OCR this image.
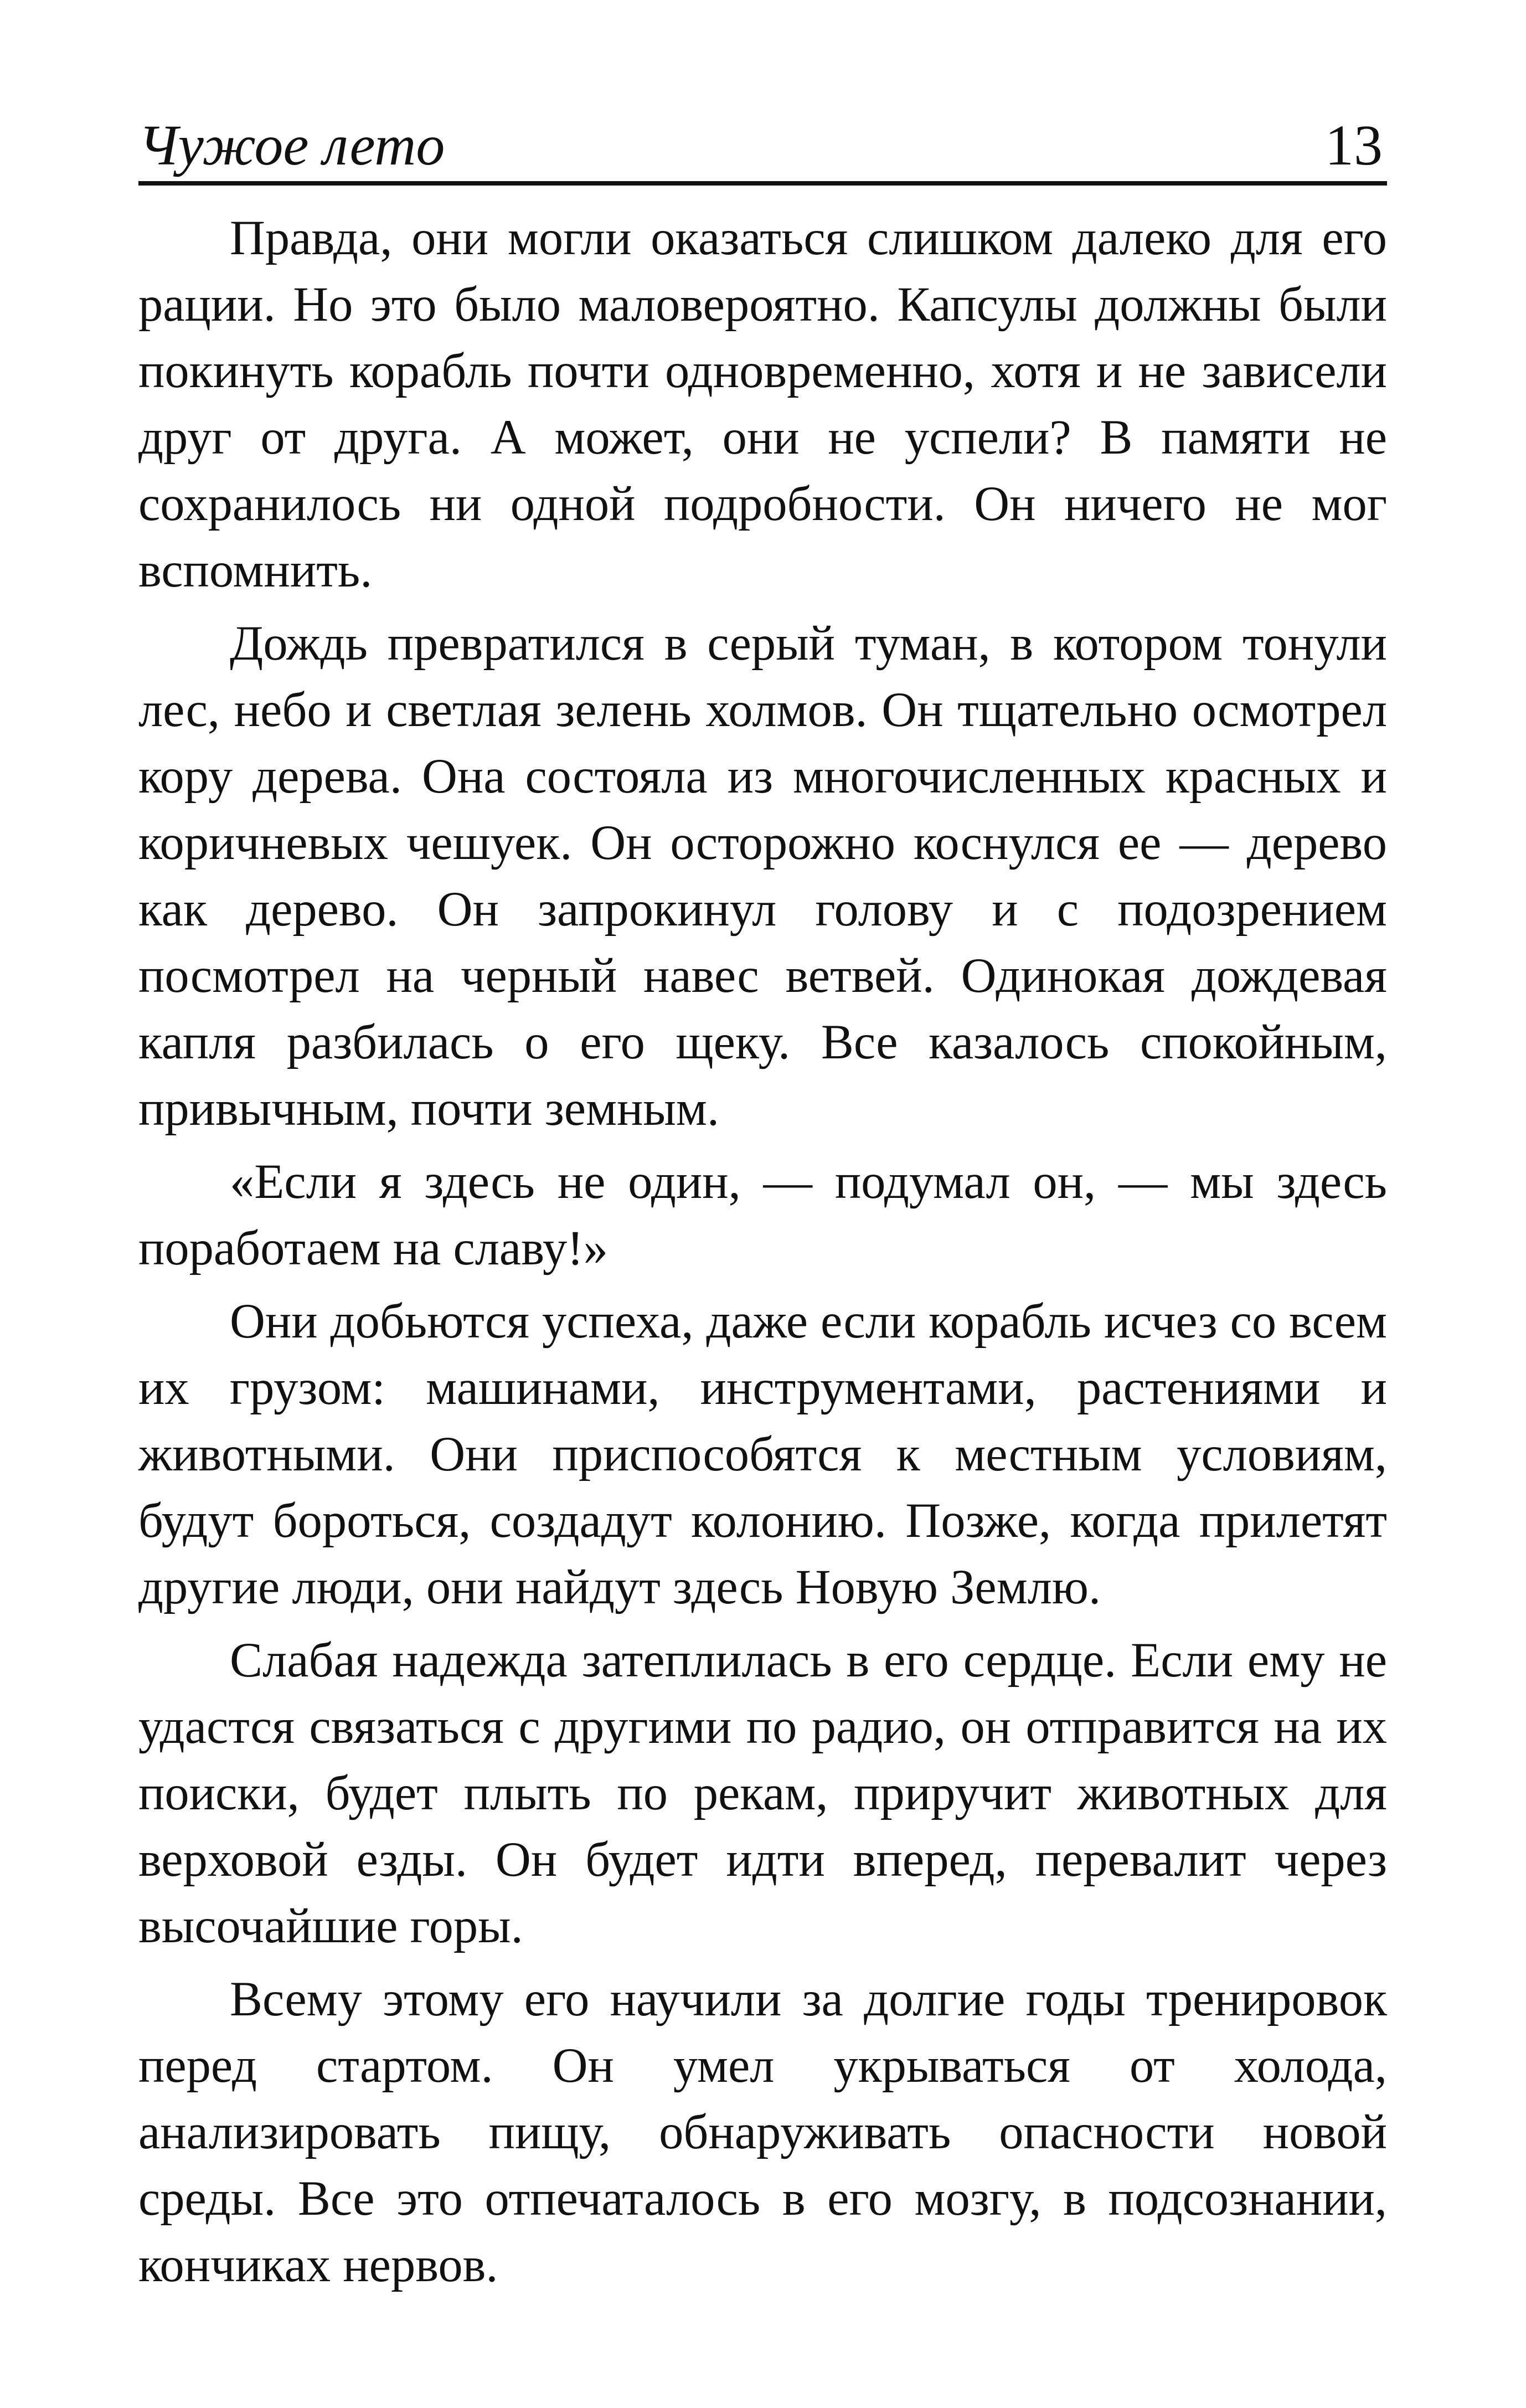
Чужое лето	13

Правда, они могли оказаться слишком далеко для его рации. Но это было маловероятно. Капсулы должны были покинуть корабль почти одновременно, хотя и не зависели друг от друга. А может, они не успели? В памяти не сохранилось ни одной подробности. Он ничего не мог вспомнить.

Дождь превратился в серый туман, в котором тонули лес, небо и светлая зелень холмов. Он тщательно осмотрел кору дерева. Она состояла из многочисленных красных и коричневых чешуек. Он осторожно коснулся ее — дерево как дерево. Он запрокинул голову и с подозрением посмотрел на черный навес ветвей. Одинокая дождевая капля разбилась о его щеку. Все казалось спокойным, привычным, почти земным.

«Если я здесь не один, — подумал он, — мы здесь поработаем на славу!»

Они добьются успеха, даже если корабль исчез со всем их грузом: машинами, инструментами, растениями и животными. Они приспособятся к местным условиям, будут бороться, создадут колонию. Позже, когда прилетят другие люди, они найдут здесь Новую Землю.

Слабая надежда затеплилась в его сердце. Если ему не удастся связаться с другими по радио, он отправится на их поиски, будет плыть по рекам, приручит животных для верховой езды. Он будет идти вперед, перевалит через высочайшие горы.

Всему этому его научили за долгие годы тренировок перед стартом. Он умел укрываться от холода, анализировать пищу, обнаруживать опасности новой среды. Все это отпечаталось в его мозгу, в подсознании, кончиках нервов.
